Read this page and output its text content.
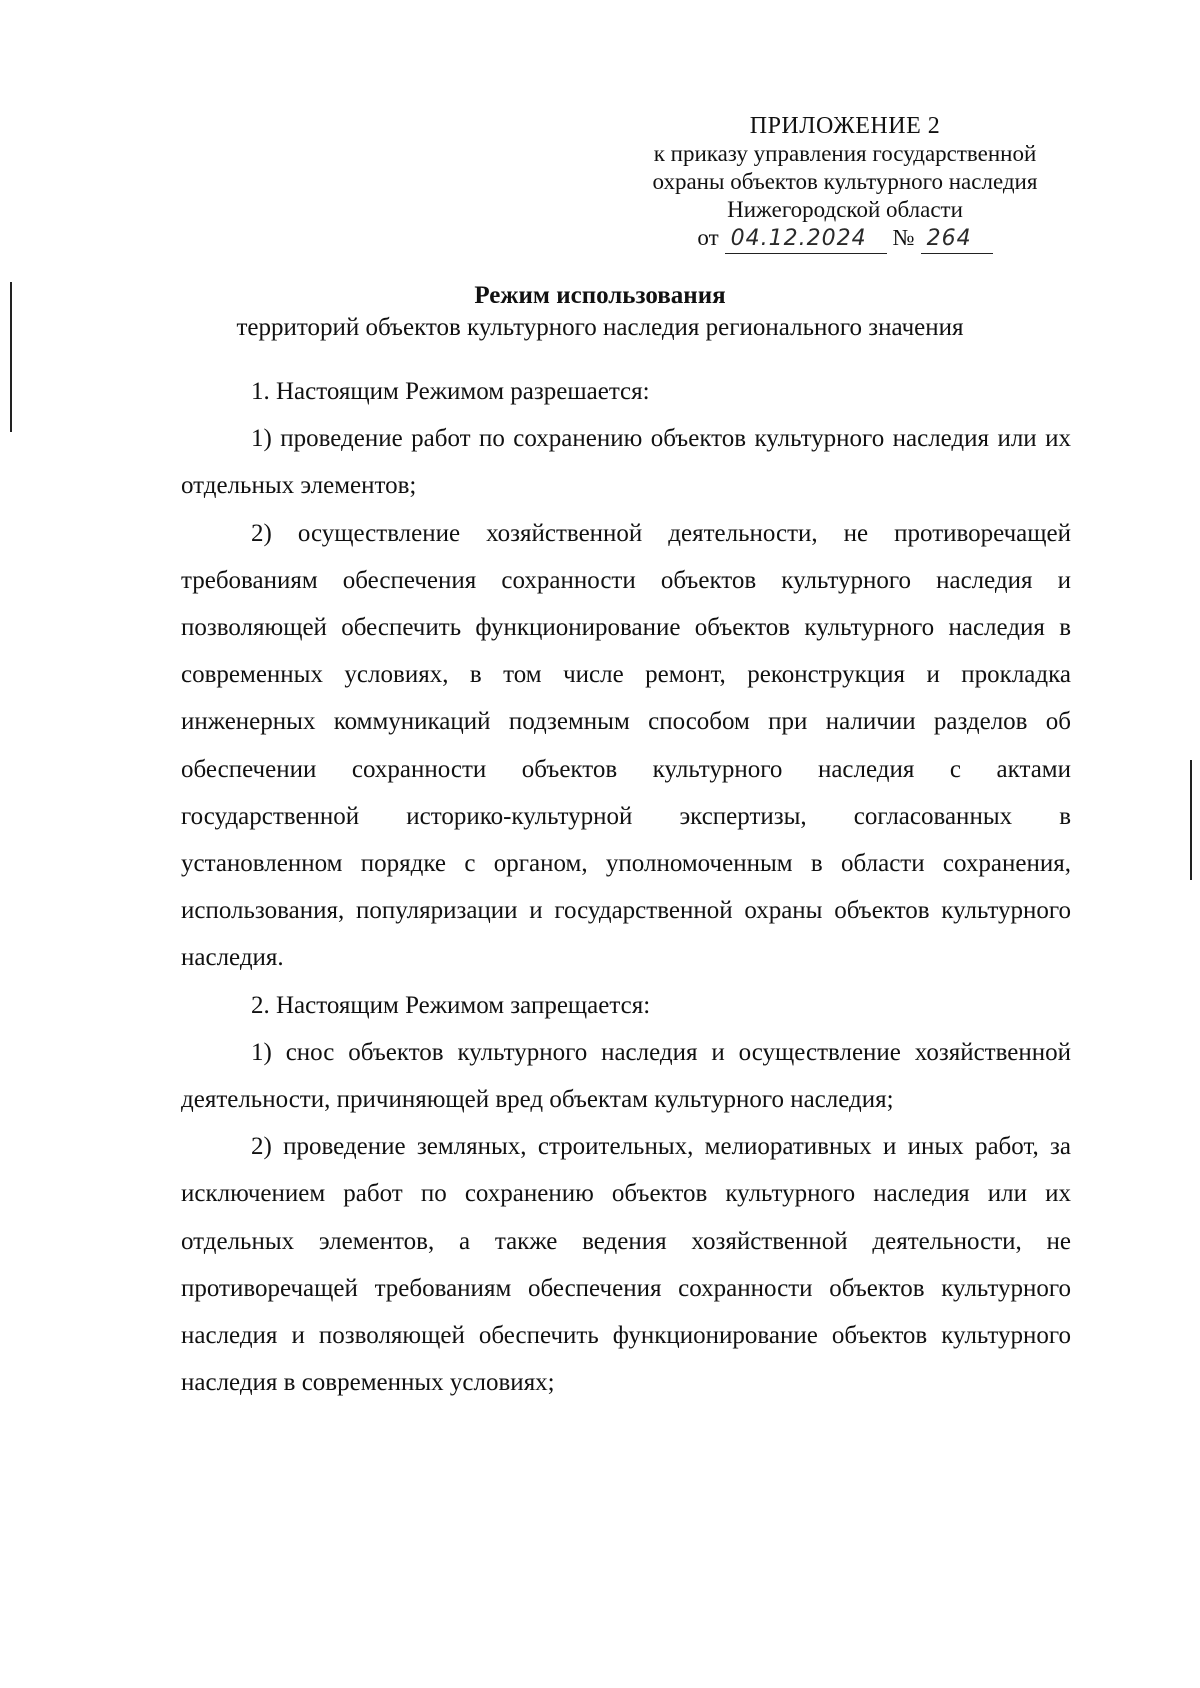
ПРИЛОЖЕНИЕ 2
к приказу управления государственной
охраны объектов культурного наследия
Нижегородской области
от 04.12.2024	№ 264
Режим использования
территорий объектов культурного наследия регионального значения

1. Настоящим Режимом разрешается:

1) проведение работ по сохранению объектов культурного наследия или их отдельных элементов;

2) осуществление хозяйственной деятельности, не противоречащей требованиям обеспечения сохранности объектов культурного наследия и позволяющей обеспечить функционирование объектов культурного наследия в современных условиях, в том числе ремонт, реконструкция и прокладка инженерных коммуникаций подземным способом при наличии разделов об обеспечении сохранности объектов культурного наследия с актами государственной историко-культурной экспертизы, согласованных в установленном порядке с органом, уполномоченным в области сохранения, использования, популяризации и государственной охраны объектов культурного наследия.

2. Настоящим Режимом запрещается:

1) снос объектов культурного наследия и осуществление хозяйственной деятельности, причиняющей вред объектам культурного наследия;

2) проведение земляных, строительных, мелиоративных и иных работ, за исключением работ по сохранению объектов культурного наследия или их отдельных элементов, а также ведения хозяйственной деятельности, не противоречащей требованиям обеспечения сохранности объектов культурного наследия и позволяющей обеспечить функционирование объектов культурного наследия в современных условиях;
